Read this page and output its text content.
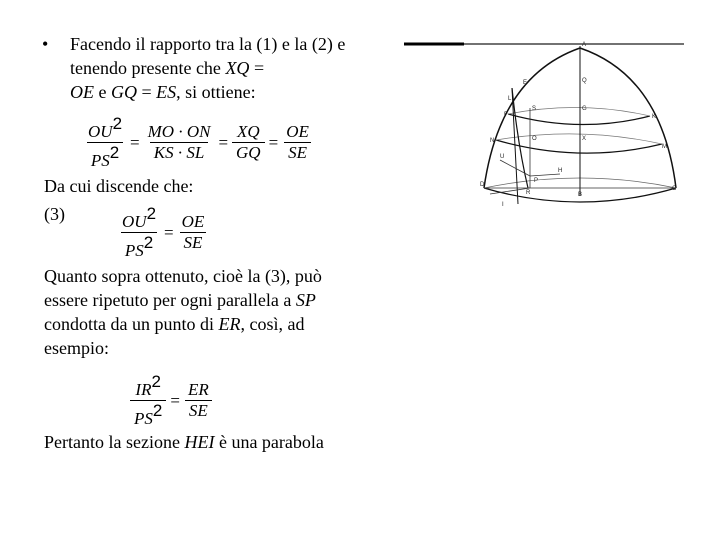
• Facendo il rapporto tra la (1) e la (2) e tenendo presente che XQ =
OE e GQ = ES, si ottiene:
$\frac{OU^2}{PS^2} = \frac{MO \cdot ON}{KS \cdot SL} = \frac{XQ}{GQ} = \frac{OE}{SE}$
Da cui discende che:
(3)	$\frac{OU^2}{PS^2} = \frac{OE}{SE}$
Quanto sopra ottenuto, cioè la (3), può essere ripetuto per ogni parallela a SP condotta da un punto di ER, così, ad esempio:
$\frac{IR^2}{PS^2} = \frac{ER}{SE}$
Pertanto la sezione HEI è una parabola
A
E	Q
F
S	G
K
N	O	X
M
U
H
D
R	B
C
I
L
P
